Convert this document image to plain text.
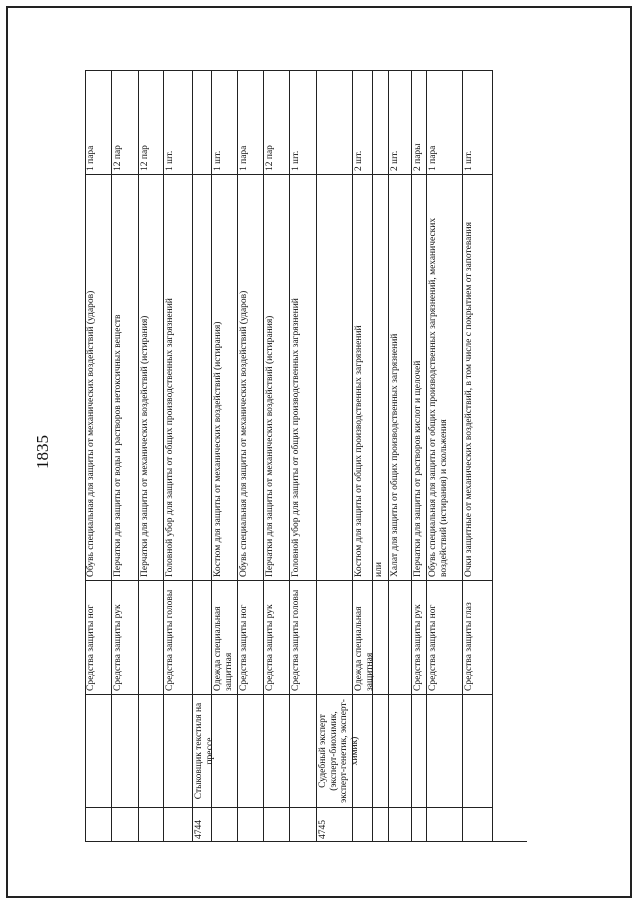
1835
Средства защиты ног
Обувь специальная для защиты от механических воздействий (ударов)
1 пара
Средства защиты рук
Перчатки для защиты от воды и растворов нетоксичных веществ
12 пар
Перчатки для защиты от механических воздействий (истирания)
12 пар
Средства защиты головы
Головной убор для защиты от общих производственных загрязнений
1 шт.
4744
Стыковщик текстиля на прессе
Одежда специальная защитная
Костюм для защиты от механических воздействий (истирания)
1 шт.
Средства защиты ног
Обувь специальная для защиты от механических воздействий (ударов)
1 пара
Средства защиты рук
Перчатки для защиты от механических воздействий (истирания)
12 пар
Средства защиты головы
Головной убор для защиты от общих производственных загрязнений
1 шт.
4745
Судебный эксперт (эксперт-биохимик, эксперт-генетик, эксперт-химик)
Одежда специальная защитная
Костюм для защиты от общих производственных загрязнений
2 шт.
или Халат для защиты от общих производственных загрязнений
2 шт.
Средства защиты рук
Перчатки для защиты от растворов кислот и щелочей
2 пары
Средства защиты ног
Обувь специальная для защиты от общих производственных загрязнений, механических воздействий (истирания) и скольжения
1 пара
Средства защиты глаз
Очки защитные от механических воздействий, в том числе с покрытием от запотевания
1 шт.
